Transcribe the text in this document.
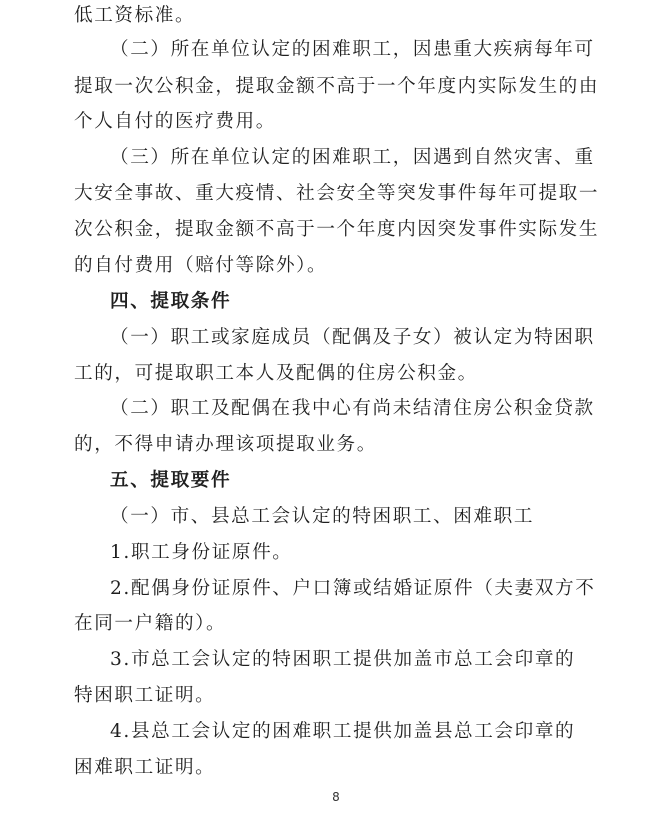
低工资标准。
（二）所在单位认定的困难职工，因患重大疾病每年可
提取一次公积金，提取金额不高于一个年度内实际发生的由
个人自付的医疗费用。
（三）所在单位认定的困难职工，因遇到自然灾害、重
大安全事故、重大疫情、社会安全等突发事件每年可提取一
次公积金，提取金额不高于一个年度内因突发事件实际发生
的自付费用（赔付等除外）。
四、提取条件
（一）职工或家庭成员（配偶及子女）被认定为特困职
工的，可提取职工本人及配偶的住房公积金。
（二）职工及配偶在我中心有尚未结清住房公积金贷款
的，不得申请办理该项提取业务。
五、提取要件
（一）市、县总工会认定的特困职工、困难职工
1.职工身份证原件。
2.配偶身份证原件、户口簿或结婚证原件（夫妻双方不
在同一户籍的）。
3.市总工会认定的特困职工提供加盖市总工会印章的
特困职工证明。
4.县总工会认定的困难职工提供加盖县总工会印章的
困难职工证明。
8
